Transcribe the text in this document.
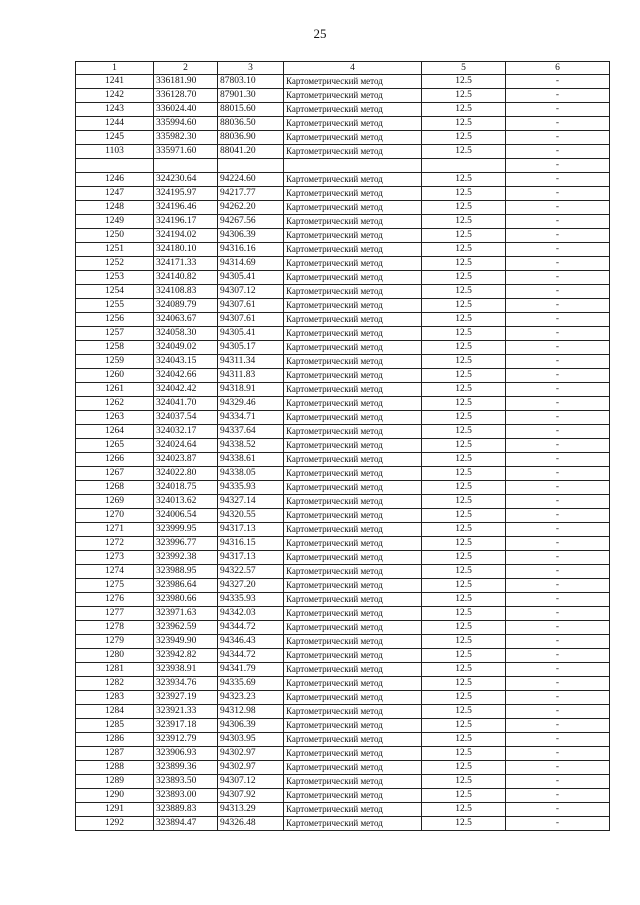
25
1	2	3	4	5	6
1241	336181.90	87803.10	Картометрический метод	12.5	-
1242	336128.70	87901.30	Картометрический метод	12.5	-
1243	336024.40	88015.60	Картометрический метод	12.5	-
1244	335994.60	88036.50	Картометрический метод	12.5	-
1245	335982.30	88036.90	Картометрический метод	12.5	-
1103	335971.60	88041.20	Картометрический метод	12.5	-
					-
1246	324230.64	94224.60	Картометрический метод	12.5	-
1247	324195.97	94217.77	Картометрический метод	12.5	-
1248	324196.46	94262.20	Картометрический метод	12.5	-
1249	324196.17	94267.56	Картометрический метод	12.5	-
1250	324194.02	94306.39	Картометрический метод	12.5	-
1251	324180.10	94316.16	Картометрический метод	12.5	-
1252	324171.33	94314.69	Картометрический метод	12.5	-
1253	324140.82	94305.41	Картометрический метод	12.5	-
1254	324108.83	94307.12	Картометрический метод	12.5	-
1255	324089.79	94307.61	Картометрический метод	12.5	-
1256	324063.67	94307.61	Картометрический метод	12.5	-
1257	324058.30	94305.41	Картометрический метод	12.5	-
1258	324049.02	94305.17	Картометрический метод	12.5	-
1259	324043.15	94311.34	Картометрический метод	12.5	-
1260	324042.66	94311.83	Картометрический метод	12.5	-
1261	324042.42	94318.91	Картометрический метод	12.5	-
1262	324041.70	94329.46	Картометрический метод	12.5	-
1263	324037.54	94334.71	Картометрический метод	12.5	-
1264	324032.17	94337.64	Картометрический метод	12.5	-
1265	324024.64	94338.52	Картометрический метод	12.5	-
1266	324023.87	94338.61	Картометрический метод	12.5	-
1267	324022.80	94338.05	Картометрический метод	12.5	-
1268	324018.75	94335.93	Картометрический метод	12.5	-
1269	324013.62	94327.14	Картометрический метод	12.5	-
1270	324006.54	94320.55	Картометрический метод	12.5	-
1271	323999.95	94317.13	Картометрический метод	12.5	-
1272	323996.77	94316.15	Картометрический метод	12.5	-
1273	323992.38	94317.13	Картометрический метод	12.5	-
1274	323988.95	94322.57	Картометрический метод	12.5	-
1275	323986.64	94327.20	Картометрический метод	12.5	-
1276	323980.66	94335.93	Картометрический метод	12.5	-
1277	323971.63	94342.03	Картометрический метод	12.5	-
1278	323962.59	94344.72	Картометрический метод	12.5	-
1279	323949.90	94346.43	Картометрический метод	12.5	-
1280	323942.82	94344.72	Картометрический метод	12.5	-
1281	323938.91	94341.79	Картометрический метод	12.5	-
1282	323934.76	94335.69	Картометрический метод	12.5	-
1283	323927.19	94323.23	Картометрический метод	12.5	-
1284	323921.33	94312.98	Картометрический метод	12.5	-
1285	323917.18	94306.39	Картометрический метод	12.5	-
1286	323912.79	94303.95	Картометрический метод	12.5	-
1287	323906.93	94302.97	Картометрический метод	12.5	-
1288	323899.36	94302.97	Картометрический метод	12.5	-
1289	323893.50	94307.12	Картометрический метод	12.5	-
1290	323893.00	94307.92	Картометрический метод	12.5	-
1291	323889.83	94313.29	Картометрический метод	12.5	-
1292	323894.47	94326.48	Картометрический метод	12.5	-
